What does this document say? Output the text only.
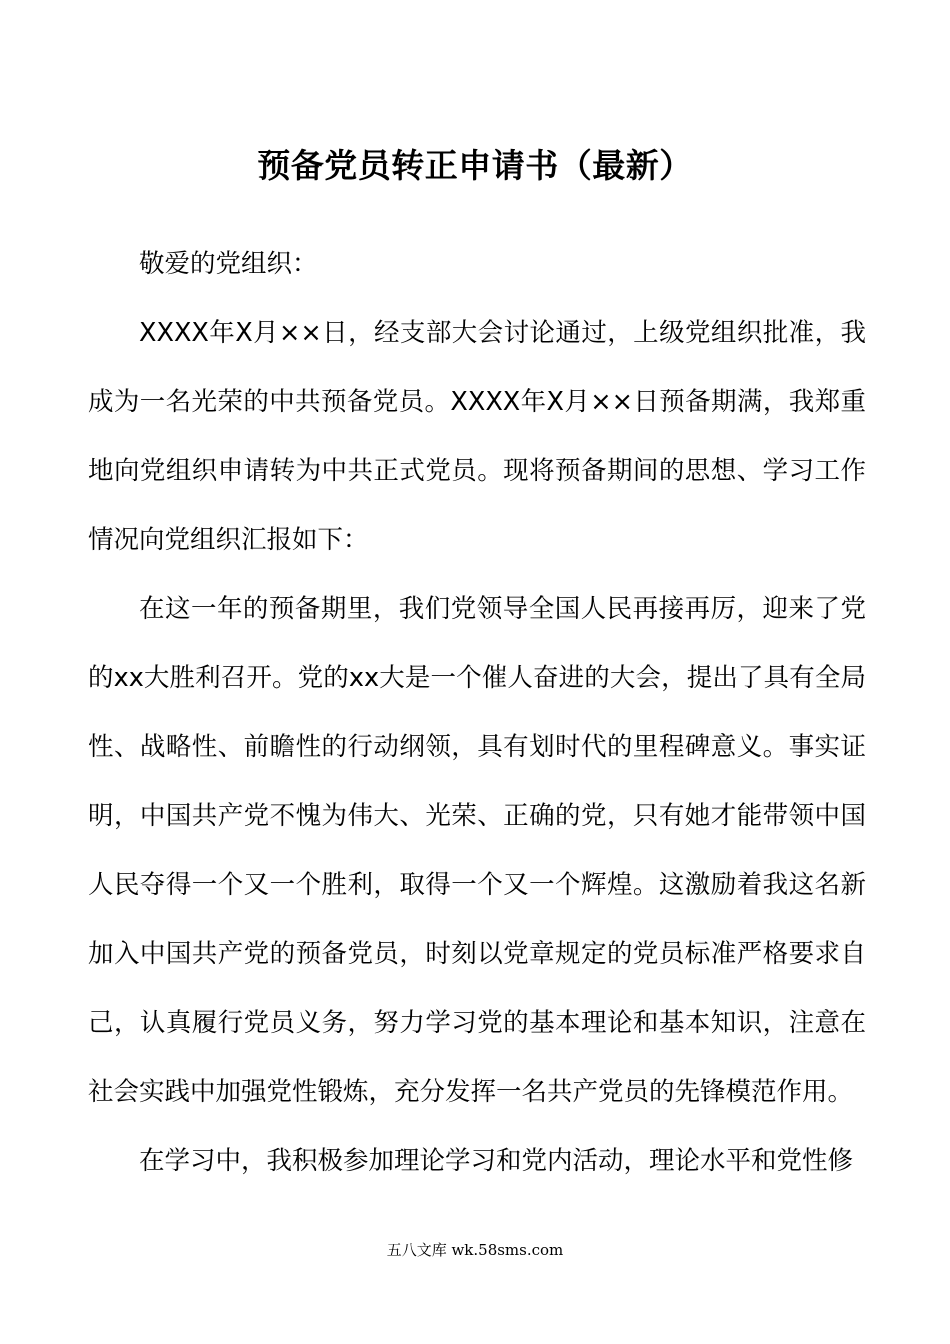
预备党员转正申请书（最新）

敬爱的党组织：

XXXX年X月××日，经支部大会讨论通过，上级党组织批准，我成为一名光荣的中共预备党员。XXXX年X月××日预备期满，我郑重地向党组织申请转为中共正式党员。现将预备期间的思想、学习工作情况向党组织汇报如下：

在这一年的预备期里，我们党领导全国人民再接再厉，迎来了党的xx大胜利召开。党的xx大是一个催人奋进的大会，提出了具有全局性、战略性、前瞻性的行动纲领，具有划时代的里程碑意义。事实证明，中国共产党不愧为伟大、光荣、正确的党，只有她才能带领中国人民夺得一个又一个胜利，取得一个又一个辉煌。这激励着我这名新加入中国共产党的预备党员，时刻以党章规定的党员标准严格要求自己，认真履行党员义务，努力学习党的基本理论和基本知识，注意在社会实践中加强党性锻炼，充分发挥一名共产党员的先锋模范作用。

在学习中，我积极参加理论学习和党内活动，理论水平和党性修

五八文库 wk.58sms.com
